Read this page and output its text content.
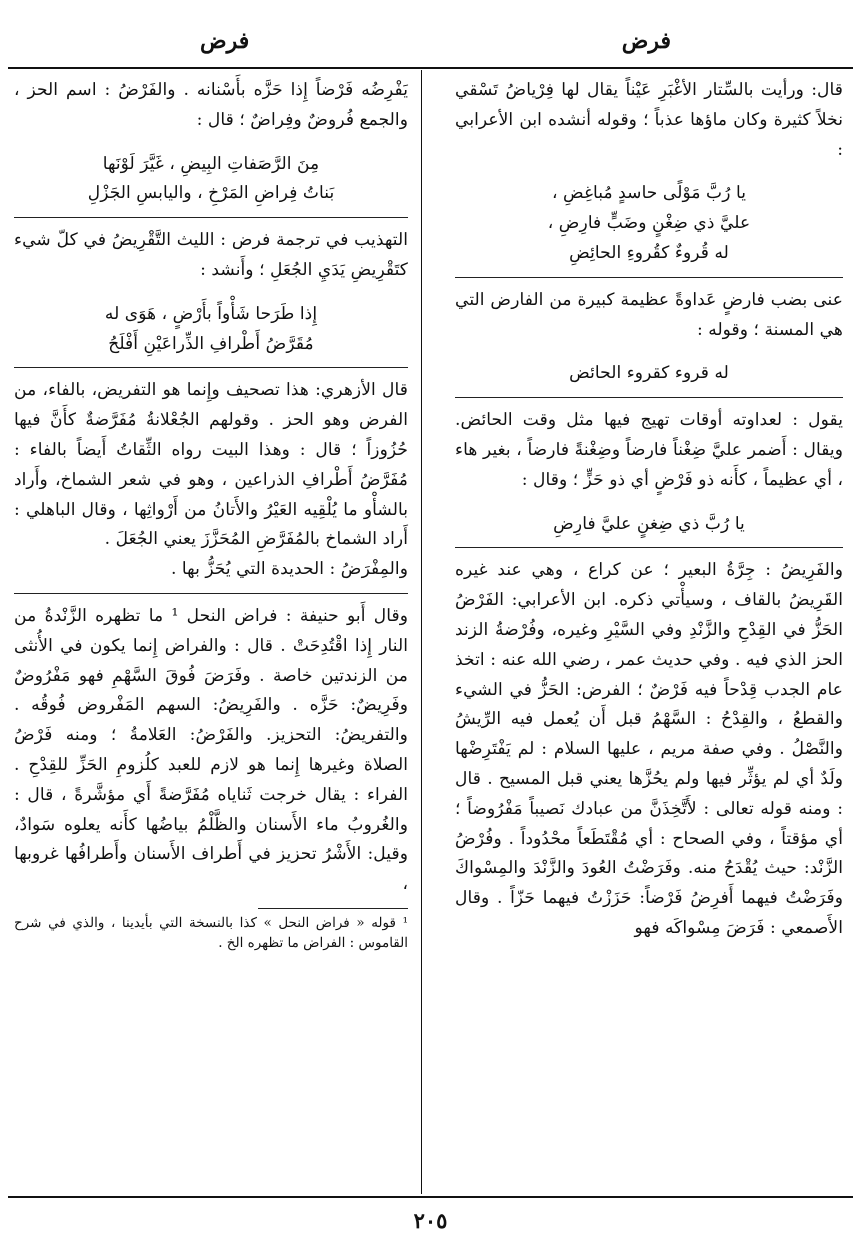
فرض
فرض

قال: ورأيت بالسِّتار الأغْبَرِ عَيْناً يقال لها فِرْياضُ تَسْقي نخلاً كثيرة وكان ماؤها عذباً ؛ وقوله أنشده ابن الأعرابي :

يا رُبَّ مَوْلًى حاسدٍ مُباغِضِ ،

عليَّ ذي ضِغْنٍ وضَبٍّ فارِضِ ،

له قُروءٌ كقُروءِ الحائِضِ

عنى بضب فارضٍ عَداوةً عظيمة كبيرة من الفارض التي هي المسنة ؛ وقوله :

له قروء كقروء الحائض

يقول : لعداوته أوقات تهيج فيها مثل وقت الحائض. ويقال : أَضمر عليَّ ضِغْناً فارضاً وضِغْنةً فارضاً ، بغير هاء ، أي عظيماً ، كأَنه ذو فَرْضٍ أي ذو حَزٍّ ؛ وقال :

يا رُبَّ ذي ضِغنٍ عليَّ فارِضِ

والفَرِيضُ : جِرَّةُ البعير ؛ عن كراع ، وهي عند غيره القَرِيضُ بالقاف ، وسيأْتي ذكره. ابن الأعرابي: الفَرْضُ الحَزُّ في القِدْحِ والزَّنْدِ وفي السَّيْرِ وغيره، وفُرْضةُ الزند الحز الذي فيه . وفي حديث عمر ، رضي الله عنه : اتخذ عام الجدب قِدْحاً فيه فَرْضٌ ؛ الفرض: الحَزُّ في الشيء والقطعُ ، والقِدْحُ : السَّهْمُ قبل أَن يُعمل فيه الرِّيشُ والنَّصْلُ . وفي صفة مريم ، عليها السلام : لم يَفْتَرِضْها ولَدٌ أي لم يؤثِّر فيها ولم يحُزَّها يعني قبل المسيح . قال : ومنه قوله تعالى : لأَتَّخِذَنَّ من عبادك نَصيباً مَفْرُوضاً ؛ أي مؤقتاً ، وفي الصحاح : أي مُقْتَطَعاً محْدُوداً . وفُرْضُ الزَّنْد: حيث يُقْدَحُ منه. وفَرَضْتُ العُودَ والزَّنْدَ والمِسْواكَ وفَرَضْتُ فيهما أَفرِضُ فَرْضاً: حَزَزْتُ فيهما حَزّاً . وقال الأَصمعي : فَرَضَ مِسْواكَه فهو

يَفْرِضُه فَرْضاً إِذا حَزَّه بأَسْنانه . والفَرْضُ : اسم الحز ، والجمع فُروضٌ وفِراضٌ ؛ قال :

مِنَ الرَّصَفاتِ البِيضِ ، غَيَّرَ لَوْنَها

بَناتُ فِراضِ المَرْخِ ، واليابسِ الجَزْلِ

التهذيب في ترجمة فرض : الليث التَّقْرِيضُ في كلّ شيء كتَقْرِيضِ يَدَيِ الجُعَلِ ؛ وأَنشد :

إِذا طَرَحا شَأْواً بأَرْضٍ ، هَوَى له

مُقَرَّضُ أَطْرافِ الذِّراعَيْنِ أَفْلَحُ

قال الأزهري: هذا تصحيف وإِنما هو التفريض، بالفاء، من الفرض وهو الحز . وقولهم الجُعْلانةُ مُفَرَّضةٌ كأَنَّ فيها حُزُوزاً ؛ قال : وهذا البيت رواه الثِّقاتُ أَيضاً بالفاء : مُفَرَّضُ أَطْرافِ الذراعين ، وهو في شعر الشماخ، وأَراد بالشأْو ما يُلْقِيه العَيْرُ والأَتانُ من أَرْواثِها ، وقال الباهلي : أَراد الشماخ بالمُفَرَّضِ المُحَزَّزَ يعني الجُعَلَ .

والمِفْرَضُ : الحديدة التي يُحَزُّ بها .

وقال أَبو حنيفة : فراض النحل ¹ ما تظهره الزَّنْدةُ من النار إِذا اقْتُدِحَتْ . قال : والفراض إِنما يكون في الأُنثى من الزندتين خاصة . وفَرَضَ فُوقَ السَّهْمِ فهو مَفْرُوضٌ وفَرِيضٌ: حَزَّه . والفَرِيضُ: السهم المَفْروض فُوقُه . والتفريضُ: التحزيز. والفَرْضُ: العَلامةُ ؛ ومنه فَرْضُ الصلاة وغيرها إِنما هو لازم للعبد كلُزومِ الحَزِّ للقِدْحِ . الفراء : يقال خرجت ثَناياه مُفَرَّضةً أَي مؤشَّرةً ، قال : والغُروبُ ماء الأَسنان والظَّلْمُ بياضُها كأَنه يعلوه سَوادٌ، وقيل: الأَشْرُ تحزيز في أَطراف الأَسنان وأَطرافُها غروبها ،

¹ قوله « فراض النحل » كذا بالنسخة التي بأيدينا ، والذي في شرح القاموس : الفراض ما تظهره الخ .

٢٠٥
